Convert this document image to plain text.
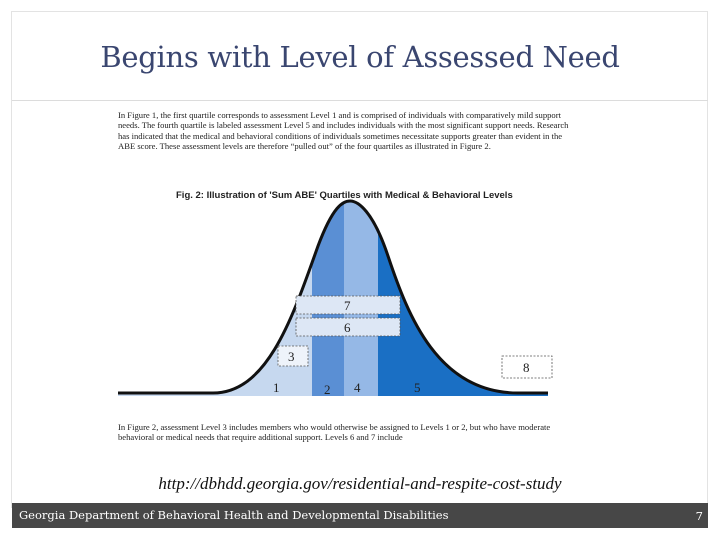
Begins with Level of Assessed Need

In Figure 1, the first quartile corresponds to assessment Level 1 and is comprised of individuals with comparatively mild support needs. The fourth quartile is labeled assessment Level 5 and includes individuals with the most significant support needs. Research has indicated that the medical and behavioral conditions of individuals sometimes necessitate supports greater than evident in the ABE score. These assessment levels are therefore “pulled out” of the four quartiles as illustrated in Figure 2.

Fig. 2: Illustration of 'Sum ABE' Quartiles with Medical & Behavioral Levels
7
6
3
8
1	2 4	5

In Figure 2, assessment Level 3 includes members who would otherwise be assigned to Levels 1 or 2, but who have moderate behavioral or medical needs that require additional support. Levels 6 and 7 include

http://dbhdd.georgia.gov/residential-and-respite-cost-study
Georgia Department of Behavioral Health and Developmental Disabilities	7
